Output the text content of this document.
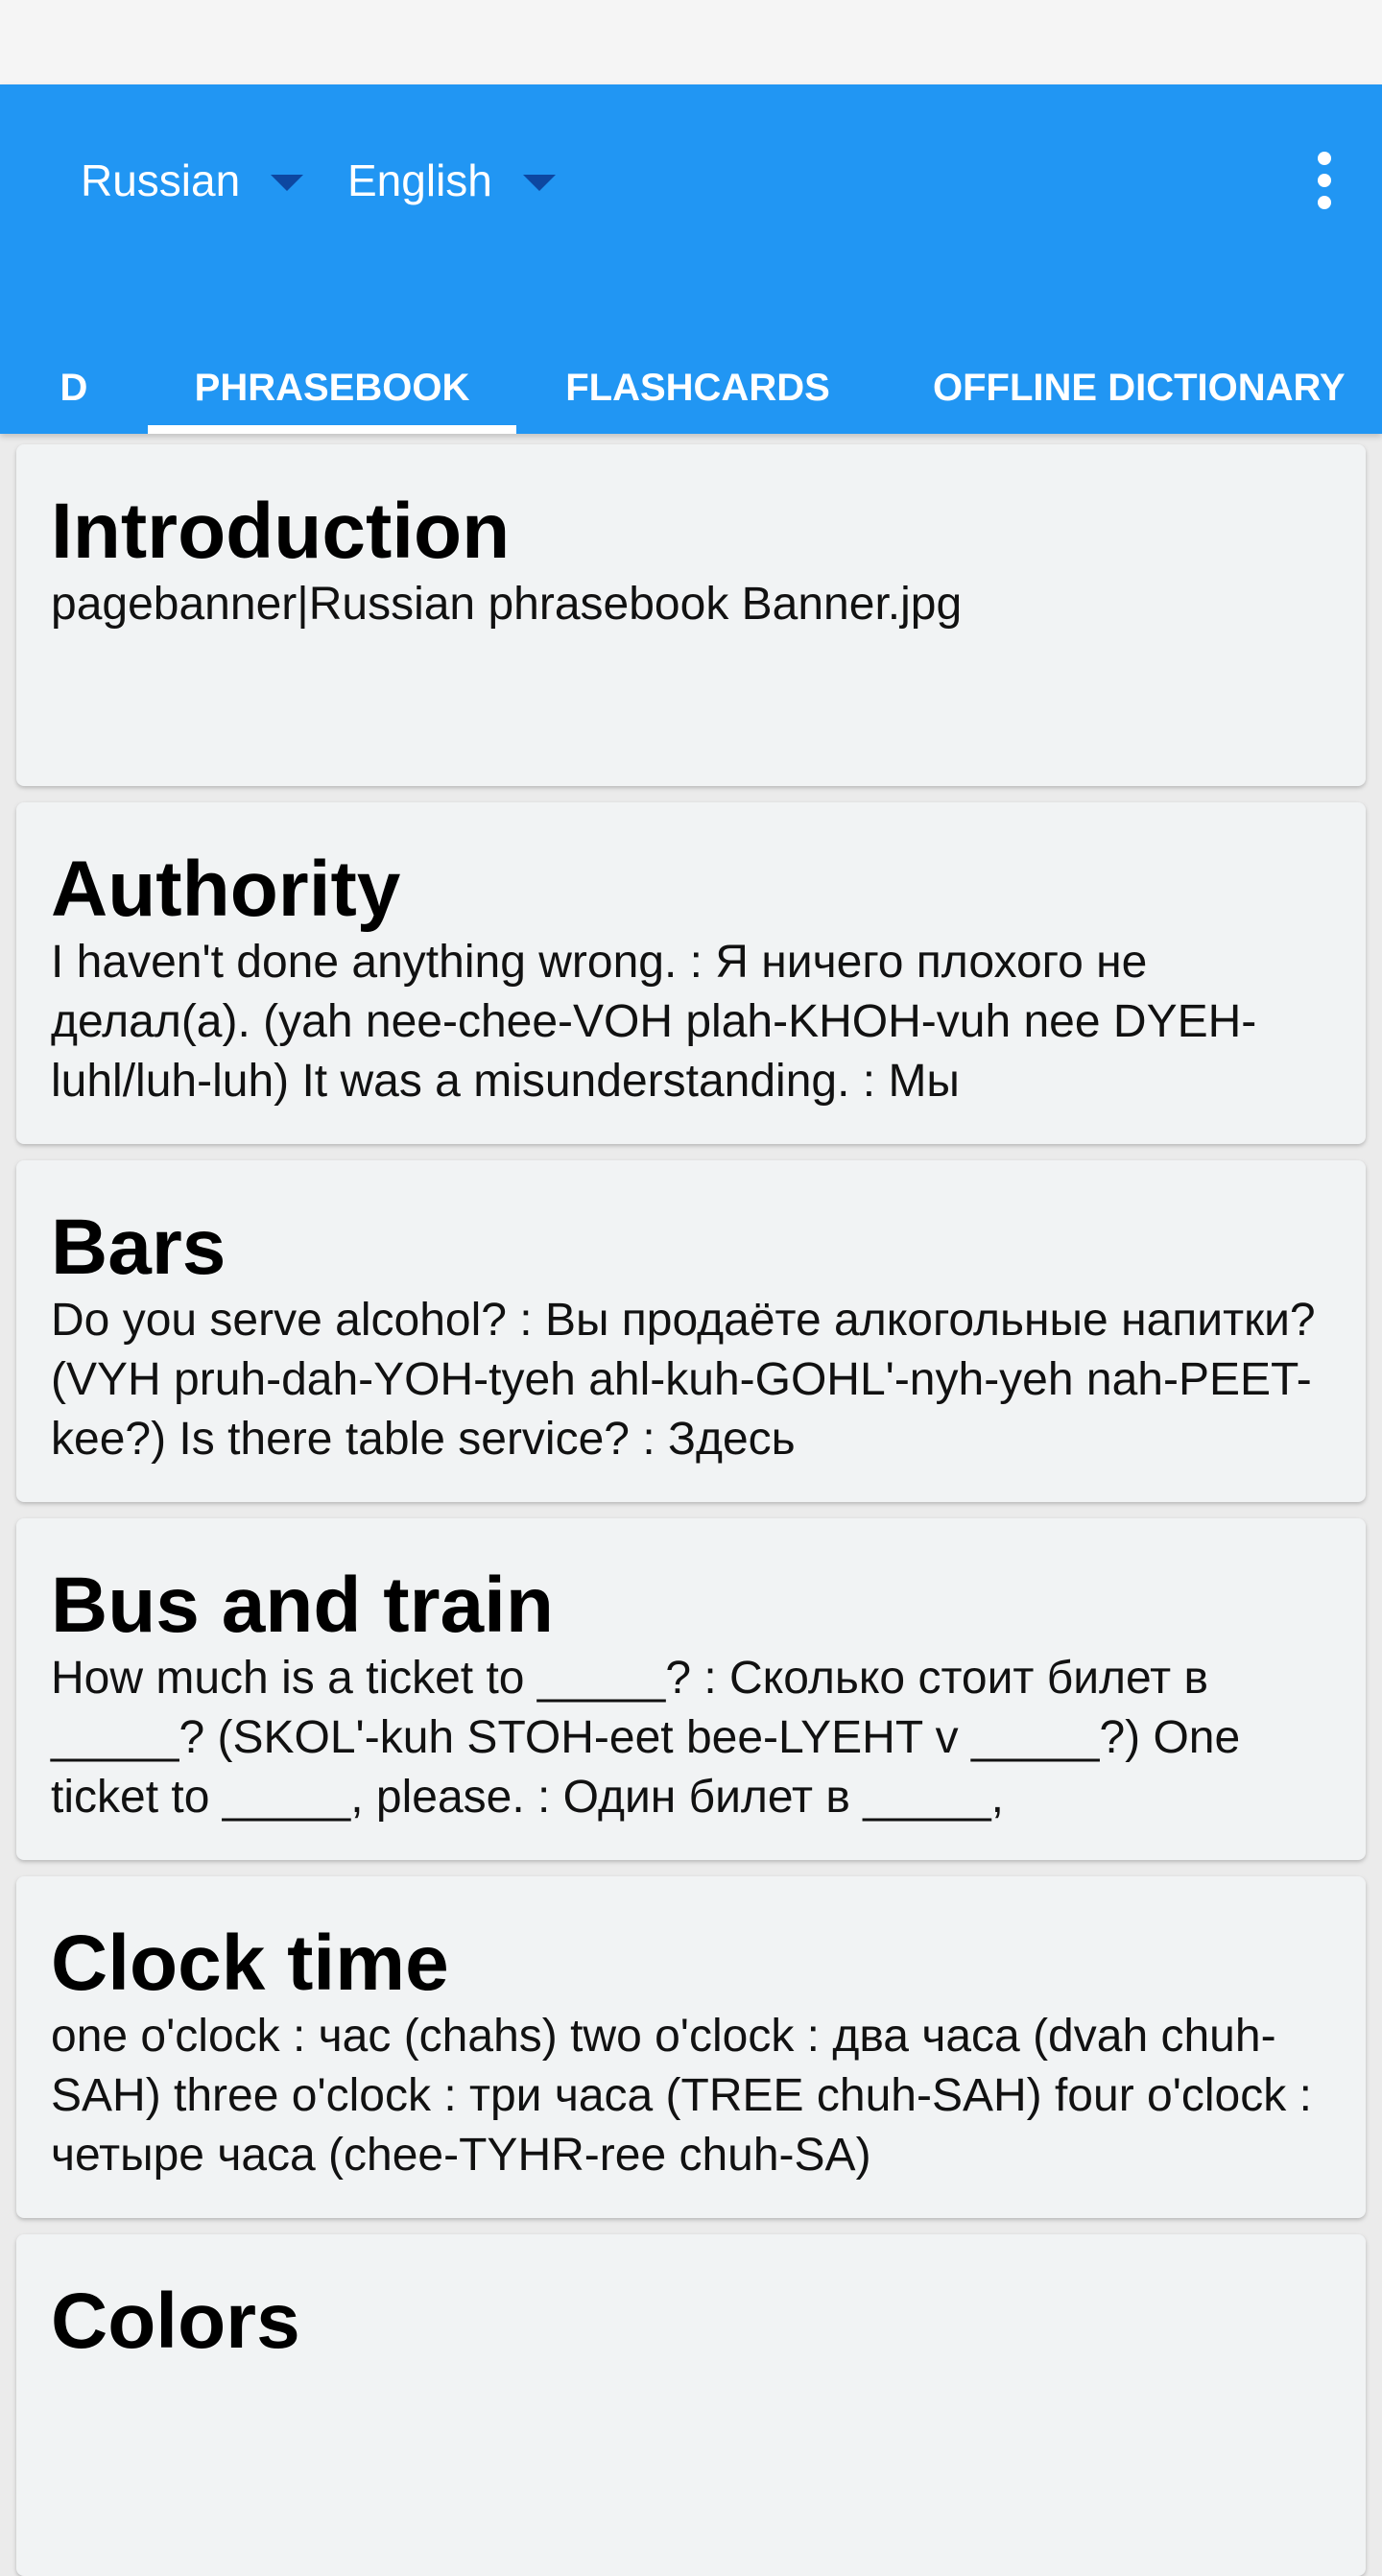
Russian English
D	PHRASEBOOK	FLASHCARDS	OFFLINE DICTIONARY
Introduction
pagebanner|Russian phrasebook Banner.jpg
Authority
I haven't done anything wrong. : Я ничего плохого не делал(а). (yah nee-chee-VOH plah-KHOH-vuh nee DYEH-luhl/luh-luh) It was a misunderstanding. : Мы
Bars
Do you serve alcohol? : Вы продаёте алкогольные напитки? (VYH pruh-dah-YOH-tyeh ahl-kuh-GOHL'-nyh-yeh nah-PEET-kee?) Is there table service? : Здесь
Bus and train
How much is a ticket to _____? : Сколько стоит билет в _____? (SKOL'-kuh STOH-eet bee-LYEHT v _____?) One ticket to _____, please. : Один билет в _____,
Clock time
one o'clock : час (chahs) two o'clock : два часа (dvah chuh-SAH) three o'clock : три часа (TREE chuh-SAH) four o'clock : четыре часа (chee-TYHR-ree chuh-SA)
Colors
